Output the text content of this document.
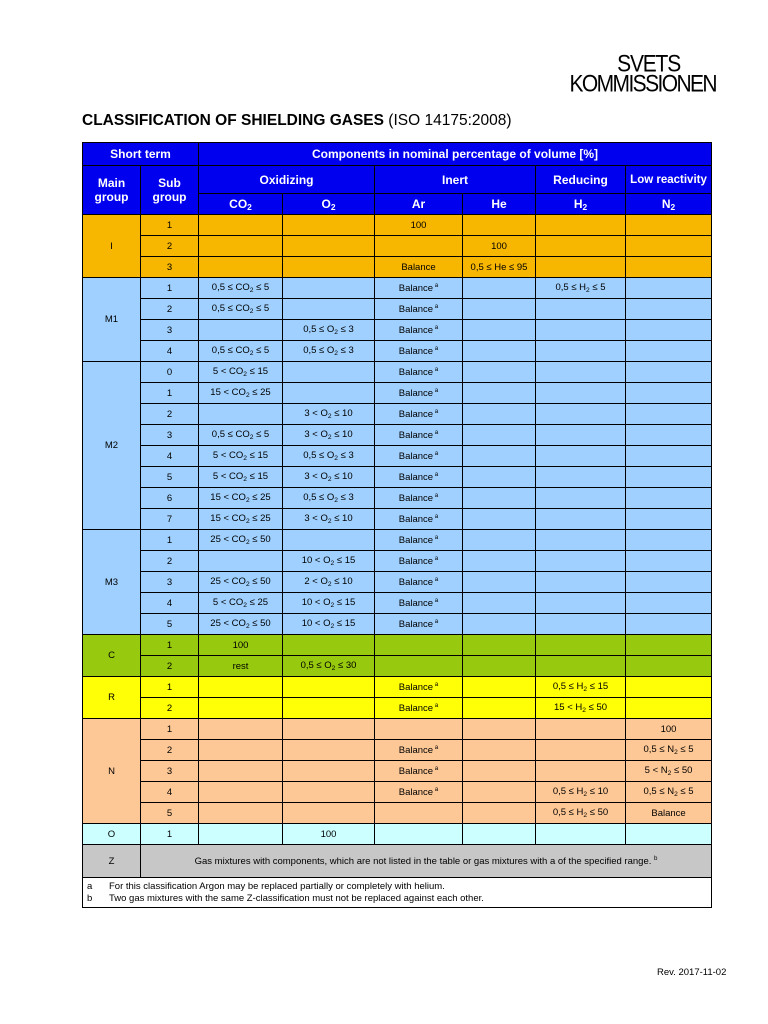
SVETS
KOMMISSIONEN
CLASSIFICATION OF SHIELDING GASES (ISO 14175:2008)
Short term		Components in nominal percentage of volume [%]					
Main group	Sub group	Oxidizing		Inert		Reducing	Low reactivity
		$CO_2$	$O_2$	Ar	He	$H_2$	$N_2$
I	1			100			
	2				100		
	3			Balance	0,5 ≤ He ≤ 95		
M1	1	$0,5 \le CO_2 \le 5$		Balance $^a$		$0,5 \le H_2 \le 5$	
	2	$0,5 \le CO_2 \le 5$		Balance $^a$			
	3		$0,5 \le O_2 \le 3$	Balance $^a$			
	4	$0,5 \le CO_2 \le 5$	$0,5 \le O_2 \le 3$	Balance $^a$			
M2	0	$5 < CO_2 \le 15$		Balance $^a$			
	1	$15 < CO_2 \le 25$		Balance $^a$			
	2		$3 < O_2 \le 10$	Balance $^a$			
	3	$0,5 \le CO_2 \le 5$	$3 < O_2 \le 10$	Balance $^a$			
	4	$5 < CO_2 \le 15$	$0,5 \le O_2 \le 3$	Balance $^a$			
	5	$5 < CO_2 \le 15$	$3 < O_2 \le 10$	Balance $^a$			
	6	$15 < CO_2 \le 25$	$0,5 \le O_2 \le 3$	Balance $^a$			
	7	$15 < CO_2 \le 25$	$3 < O_2 \le 10$	Balance $^a$			
M3	1	$25 < CO_2 \le 50$		Balance $^a$			
	2		$10 < O_2 \le 15$	Balance $^a$			
	3	$25 < CO_2 \le 50$	$2 < O_2 \le 10$	Balance $^a$			
	4	$5 < CO_2 \le 25$	$10 < O_2 \le 15$	Balance $^a$			
	5	$25 < CO_2 \le 50$	$10 < O_2 \le 15$	Balance $^a$			
C	1	100					
	2	rest	$0,5 \le O_2 \le 30$				
R	1			Balance $^a$		$0,5 \le H_2 \le 15$	
	2			Balance $^a$		$15 < H_2 \le 50$	
N	1						100
	2			Balance $^a$			$0,5 \le N_2 \le 5$
	3			Balance $^a$			$5 < N_2 \le 50$
	4			Balance $^a$		$0,5 \le H_2 \le 10$	$0,5 \le N_2 \le 5$
	5					$0,5 \le H_2 \le 50$	Balance
O	1		100				
Z	Gas mixtures with components, which are not listed in the table or gas mixtures with a of the specified range. $^b$

a For this classification Argon may be replaced partially or completely with helium.
b Two gas mixtures with the same Z-classification must not be replaced against each other.							
Rev. 2017-11-02
